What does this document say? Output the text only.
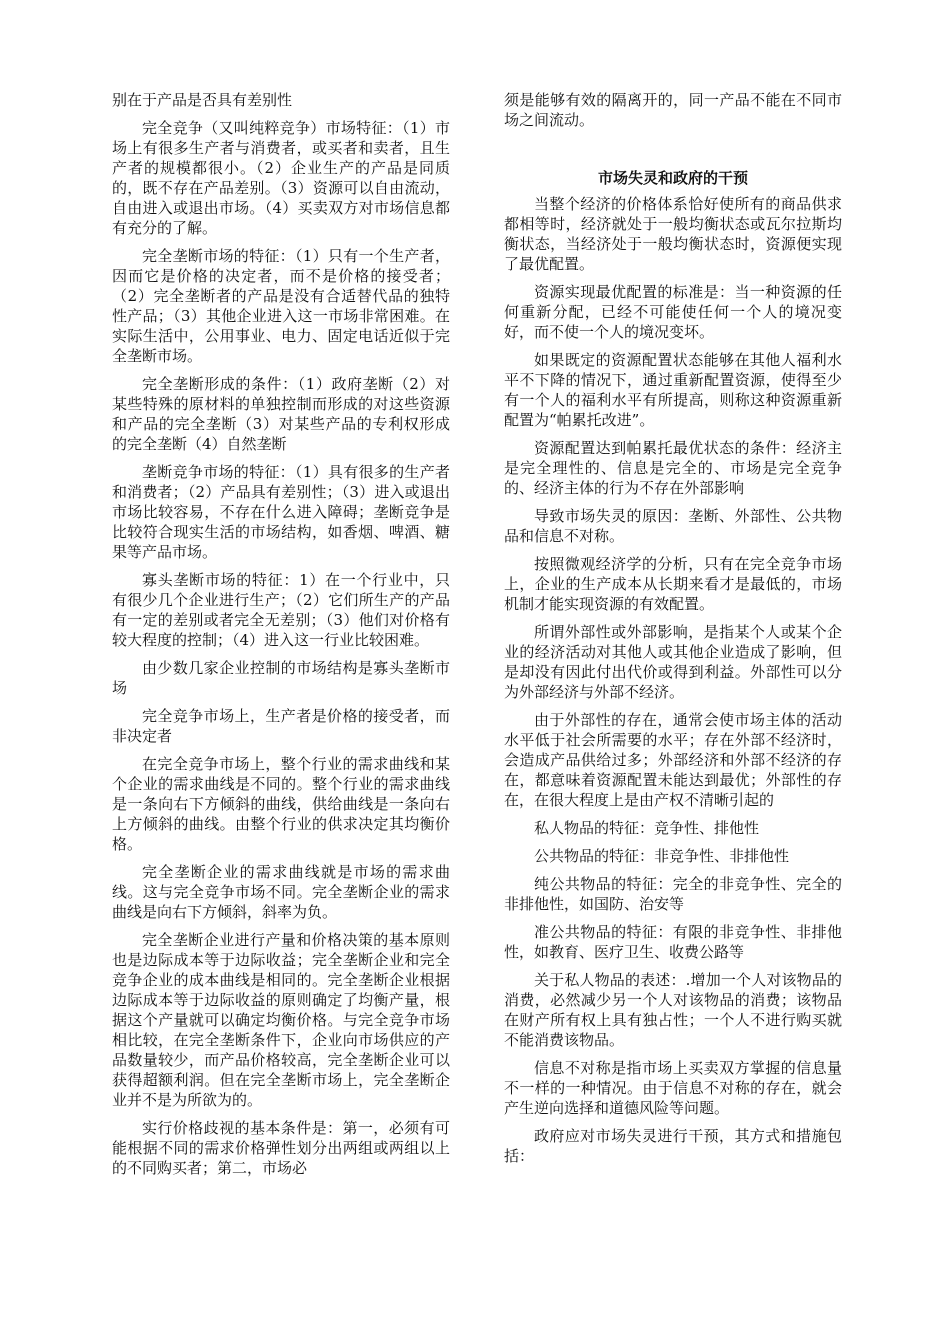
别在于产品是否具有差别性

完全竞争（又叫纯粹竞争）市场特征：（1）市场上有很多生产者与消费者，或买者和卖者，且生产者的规模都很小。（2）企业生产的产品是同质的，既不存在产品差别。（3）资源可以自由流动，自由进入或退出市场。（4）买卖双方对市场信息都有充分的了解。

完全垄断市场的特征：（1）只有一个生产者，因而它是价格的决定者，而不是价格的接受者；（2）完全垄断者的产品是没有合适替代品的独特性产品；（3）其他企业进入这一市场非常困难。在实际生活中，公用事业、电力、固定电话近似于完全垄断市场。

完全垄断形成的条件：（1）政府垄断（2）对某些特殊的原材料的单独控制而形成的对这些资源和产品的完全垄断（3）对某些产品的专利权形成的完全垄断（4）自然垄断

垄断竞争市场的特征：（1）具有很多的生产者和消费者；（2）产品具有差别性；（3）进入或退出市场比较容易，不存在什么进入障碍；垄断竞争是比较符合现实生活的市场结构，如香烟、啤酒、糖果等产品市场。

寡头垄断市场的特征：1）在一个行业中，只有很少几个企业进行生产；（2）它们所生产的产品有一定的差别或者完全无差别；（3）他们对价格有较大程度的控制；（4）进入这一行业比较困难。

由少数几家企业控制的市场结构是寡头垄断市场

完全竞争市场上，生产者是价格的接受者，而非决定者

在完全竞争市场上，整个行业的需求曲线和某个企业的需求曲线是不同的。整个行业的需求曲线是一条向右下方倾斜的曲线，供给曲线是一条向右上方倾斜的曲线。由整个行业的供求决定其均衡价格。

完全垄断企业的需求曲线就是市场的需求曲线。这与完全竞争市场不同。完全垄断企业的需求曲线是向右下方倾斜，斜率为负。

完全垄断企业进行产量和价格决策的基本原则也是边际成本等于边际收益；完全垄断企业和完全竞争企业的成本曲线是相同的。完全垄断企业根据边际成本等于边际收益的原则确定了均衡产量，根据这个产量就可以确定均衡价格。与完全竞争市场相比较，在完全垄断条件下，企业向市场供应的产品数量较少，而产品价格较高，完全垄断企业可以获得超额利润。但在完全垄断市场上，完全垄断企业并不是为所欲为的。

实行价格歧视的基本条件是：第一，必须有可能根据不同的需求价格弹性划分出两组或两组以上的不同购买者；第二，市场必

须是能够有效的隔离开的，同一产品不能在不同市场之间流动。

市场失灵和政府的干预

当整个经济的价格体系恰好使所有的商品供求都相等时，经济就处于一般均衡状态或瓦尔拉斯均衡状态，当经济处于一般均衡状态时，资源便实现了最优配置。

资源实现最优配置的标准是：当一种资源的任何重新分配，已经不可能使任何一个人的境况变好，而不使一个人的境况变坏。

如果既定的资源配置状态能够在其他人福利水平不下降的情况下，通过重新配置资源，使得至少有一个人的福利水平有所提高，则称这种资源重新配置为“帕累托改进”。

资源配置达到帕累托最优状态的条件：经济主是完全理性的、信息是完全的、市场是完全竞争的、经济主体的行为不存在外部影响

导致市场失灵的原因：垄断、外部性、公共物品和信息不对称。

按照微观经济学的分析，只有在完全竞争市场上，企业的生产成本从长期来看才是最低的，市场机制才能实现资源的有效配置。

所谓外部性或外部影响，是指某个人或某个企业的经济活动对其他人或其他企业造成了影响，但是却没有因此付出代价或得到利益。外部性可以分为外部经济与外部不经济。

由于外部性的存在，通常会使市场主体的活动水平低于社会所需要的水平；存在外部不经济时，会造成产品供给过多；外部经济和外部不经济的存在，都意味着资源配置未能达到最优；外部性的存在，在很大程度上是由产权不清晰引起的

私人物品的特征：竞争性、排他性

公共物品的特征：非竞争性、非排他性

纯公共物品的特征：完全的非竞争性、完全的非排他性，如国防、治安等

准公共物品的特征：有限的非竞争性、非排他性，如教育、医疗卫生、收费公路等

关于私人物品的表述：.增加一个人对该物品的消费，必然减少另一个人对该物品的消费；该物品在财产所有权上具有独占性；一个人不进行购买就不能消费该物品。

信息不对称是指市场上买卖双方掌握的信息量不一样的一种情况。由于信息不对称的存在，就会产生逆向选择和道德风险等问题。

政府应对市场失灵进行干预，其方式和措施包括：
